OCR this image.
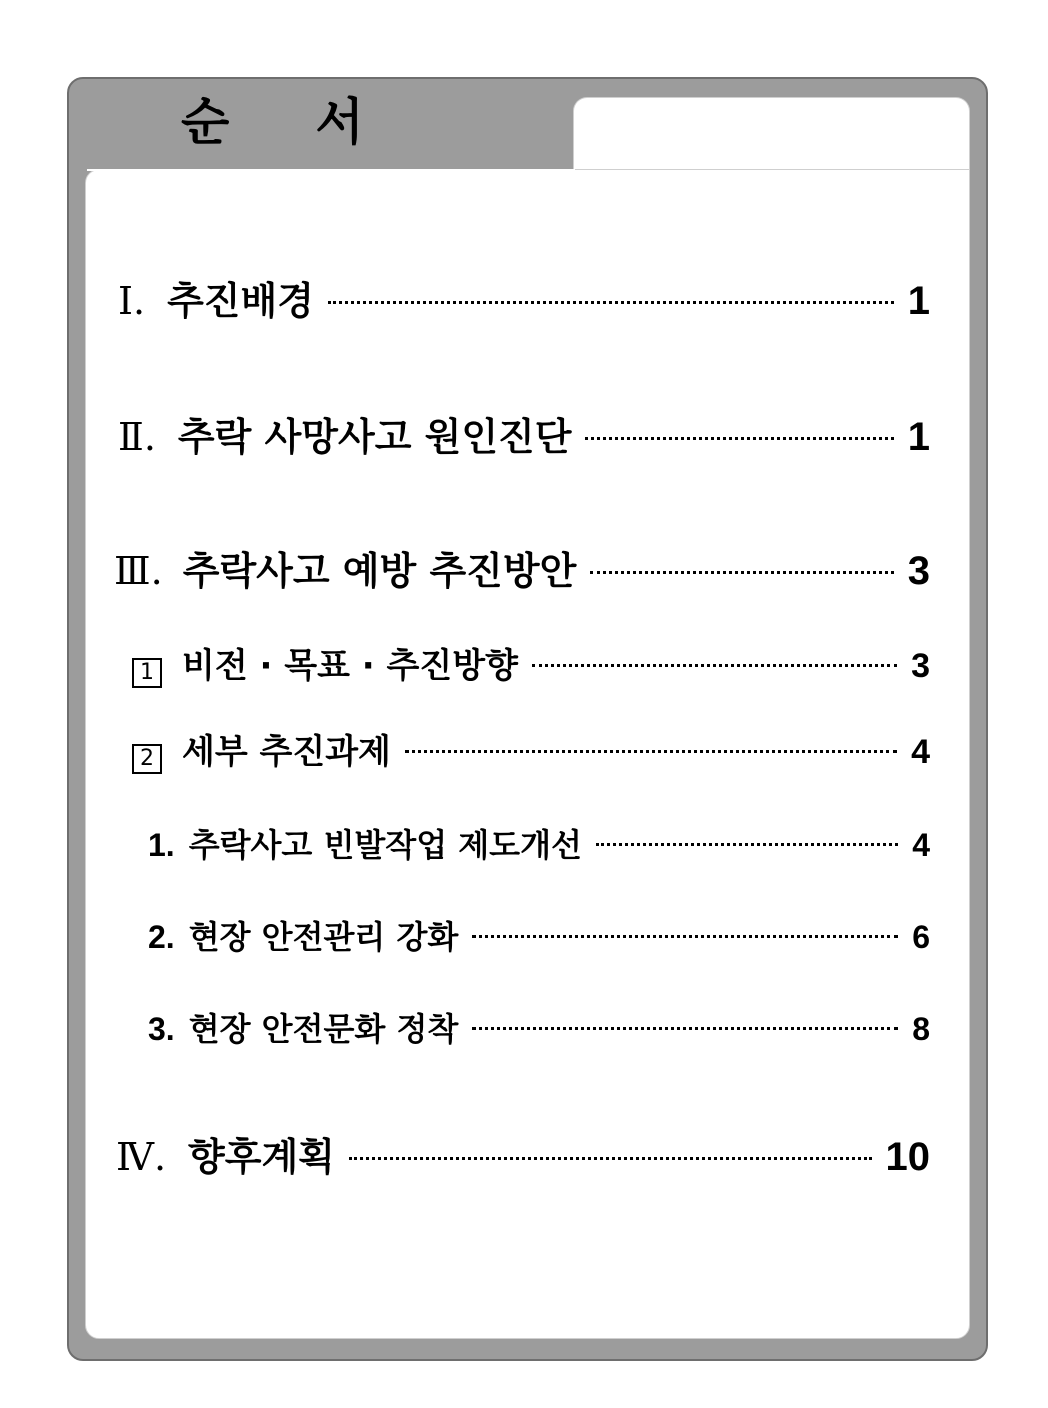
순서
Ⅰ. 추진배경	1
Ⅱ. 추락 사망사고 원인진단	1
Ⅲ. 추락사고 예방 추진방안	3
1 비전 · 목표 · 추진방향	3
2 세부 추진과제	4
1. 추락사고 빈발작업 제도개선	4
2. 현장 안전관리 강화	6
3. 현장 안전문화 정착	8
Ⅳ. 향후계획	10
